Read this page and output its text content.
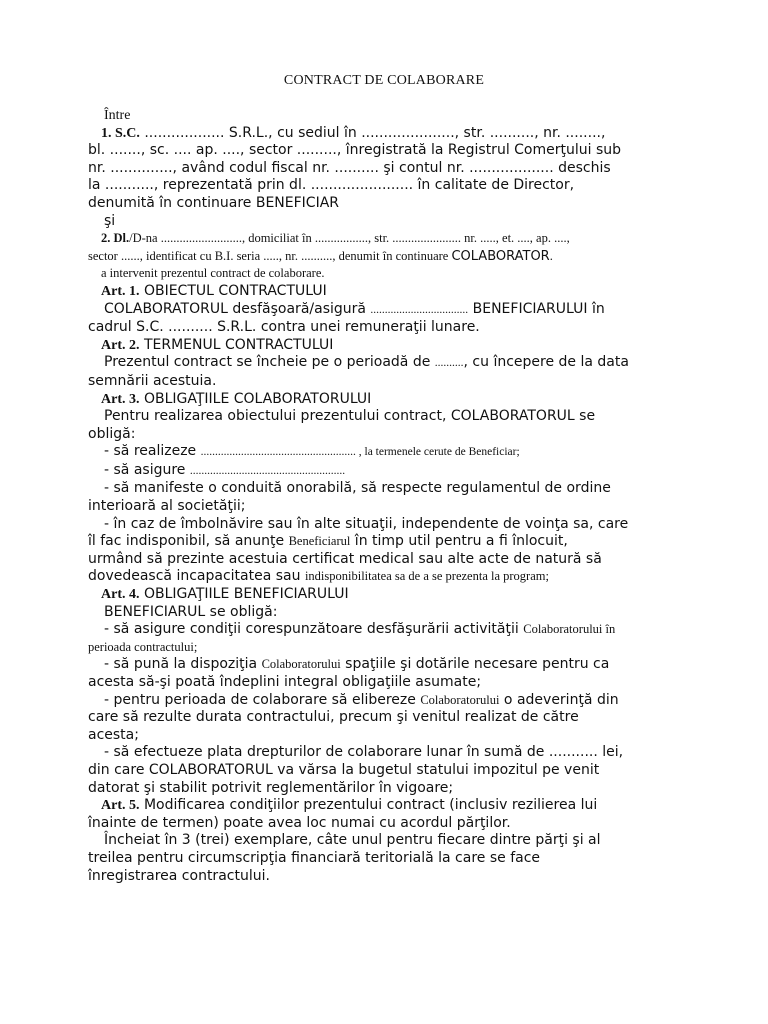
CONTRACT DE COLABORARE
Între
1. S.C. .................. S.R.L., cu sediul în ....................., str. .........., nr. ........,
bl. ......., sc. .... ap. ...., sector ........., înregistrată la Registrul Comerţului sub
nr. .............., având codul fiscal nr. .......... şi contul nr. ................... deschis
la ..........., reprezentată prin dl. ....................... în calitate de Director,
denumită în continuare BENEFICIAR
şi
2. Dl./D-na .........................., domiciliat în ................., str. ...................... nr. ....., et. ...., ap. ....,
sector ......, identificat cu B.I. seria ....., nr. .........., denumit în continuare COLABORATOR.
a intervenit prezentul contract de colaborare.
Art. 1. OBIECTUL CONTRACTULUI
COLABORATORUL desfăşoară/asigură .................................. BENEFICIARULUI în
cadrul S.C. .......... S.R.L. contra unei remuneraţii lunare.
Art. 2. TERMENUL CONTRACTULUI
Prezentul contract se încheie pe o perioadă de .........., cu începere de la data
semnării acestuia.
Art. 3. OBLIGAŢIILE COLABORATORULUI
Pentru realizarea obiectului prezentului contract, COLABORATORUL se
obligă:
- să realizeze ...................................................... , la termenele cerute de Beneficiar;
- să asigure ......................................................
- să manifeste o conduită onorabilă, să respecte regulamentul de ordine
interioară al societăţii;
- în caz de îmbolnăvire sau în alte situaţii, independente de voinţa sa, care
îl fac indisponibil, să anunţe Beneficiarul în timp util pentru a fi înlocuit,
urmând să prezinte acestuia certificat medical sau alte acte de natură să
dovedească incapacitatea sau indisponibilitatea sa de a se prezenta la program;
Art. 4. OBLIGAŢIILE BENEFICIARULUI
BENEFICIARUL se obligă:
- să asigure condiţii corespunzătoare desfăşurării activităţii Colaboratorului în
perioada contractului;
- să pună la dispoziţia Colaboratorului spaţiile şi dotările necesare pentru ca
acesta să-şi poată îndeplini integral obligaţiile asumate;
- pentru perioada de colaborare să elibereze Colaboratorului o adeverinţă din
care să rezulte durata contractului, precum şi venitul realizat de către
acesta;
- să efectueze plata drepturilor de colaborare lunar în sumă de ........... lei,
din care COLABORATORUL va vărsa la bugetul statului impozitul pe venit
datorat şi stabilit potrivit reglementărilor în vigoare;
Art. 5. Modificarea condiţiilor prezentului contract (inclusiv rezilierea lui
înainte de termen) poate avea loc numai cu acordul părţilor.
Încheiat în 3 (trei) exemplare, câte unul pentru fiecare dintre părţi şi al
treilea pentru circumscripţia financiară teritorială la care se face
înregistrarea contractului.
